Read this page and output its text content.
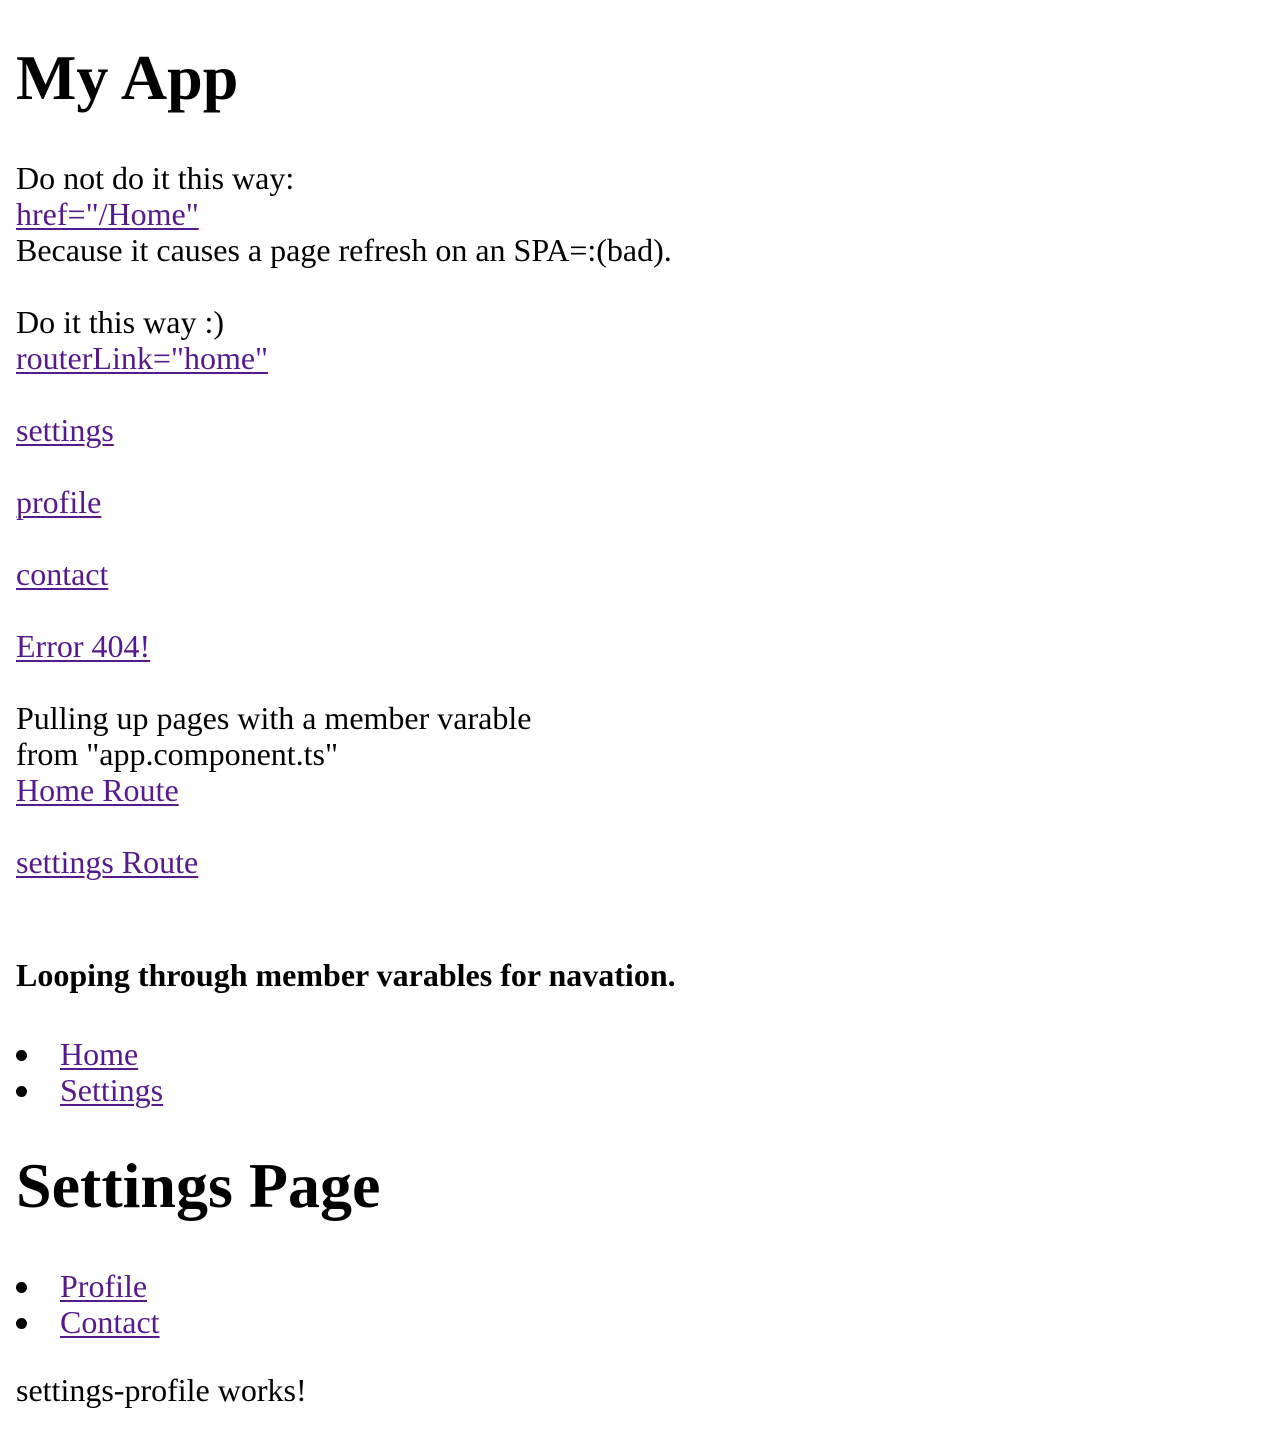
My App
Do not do it this way:
href="/Home"
Because it causes a page refresh on an SPA=:(bad).
Do it this way :)
routerLink="home"
settings
profile
contact
Error 404!
Pulling up pages with a member varable
from "app.component.ts"
Home Route
settings Route
Looping through member varables for navation.
Home
Settings
Settings Page
Profile
Contact
settings-profile works!
